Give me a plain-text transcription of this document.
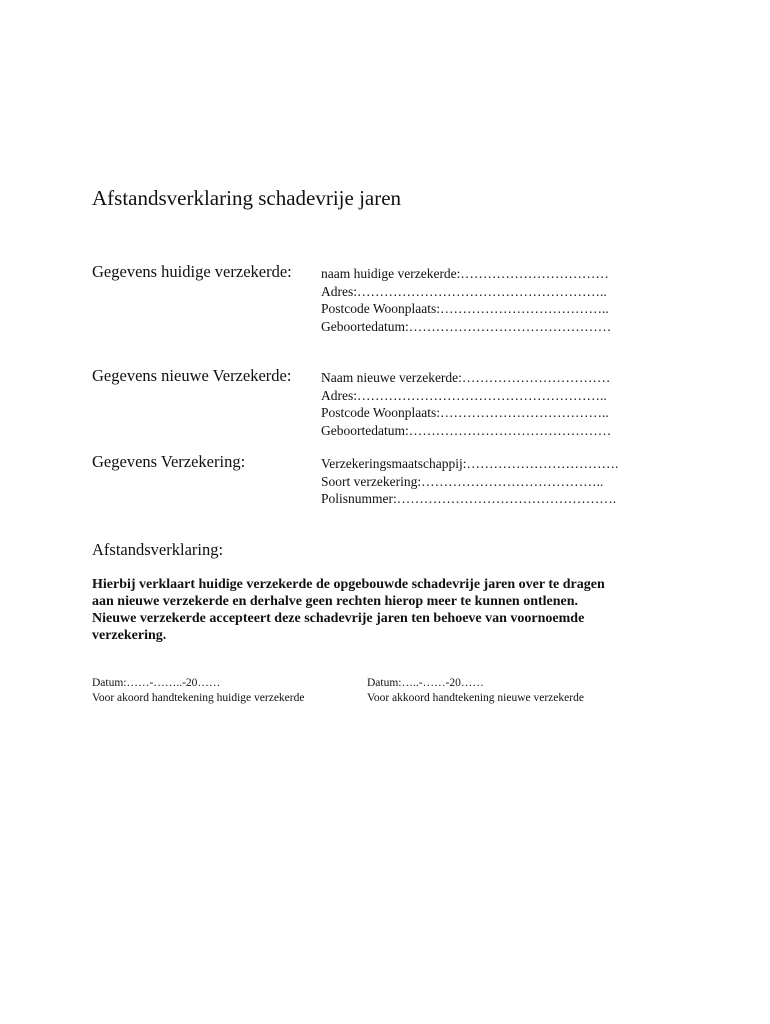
Afstandsverklaring schadevrije jaren
Gegevens huidige verzekerde: naam huidige verzekerde:……………………………
Adres:………………………………………………..
Postcode Woonplaats:………………………………..
Geboortedatum:………………………………………
Gegevens nieuwe Verzekerde: Naam nieuwe verzekerde:……………………………
Adres:………………………………………………..
Postcode Woonplaats:………………………………..
Geboortedatum:………………………………………
Gegevens Verzekering:	Verzekeringsmaatschappij:…………………………….
Soort verzekering:…………………………………..
Polisnummer:………………………………………….
Afstandsverklaring:
Hierbij verklaart huidige verzekerde de opgebouwde schadevrije jaren over te dragen
aan nieuwe verzekerde en derhalve geen rechten hierop meer te kunnen ontlenen.
Nieuwe verzekerde accepteert deze schadevrije jaren ten behoeve van voornoemde
verzekering.
Datum:……-……..-20……
Voor akoord handtekening huidige verzekerde
Datum:…..-……-20……
Voor akkoord handtekening nieuwe verzekerde
